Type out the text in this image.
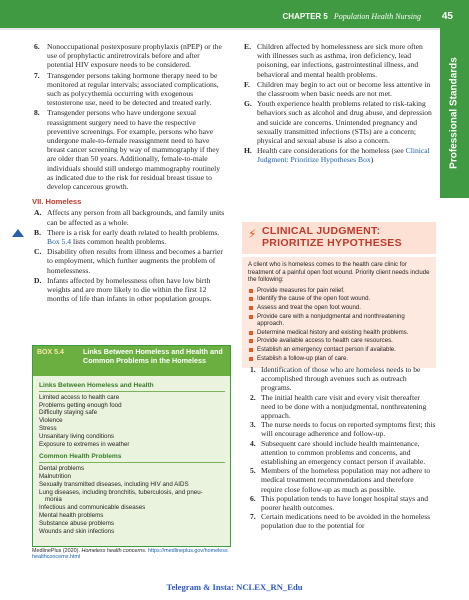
CHAPTER 5 Population Health Nursing 45
Professional Standards
6. Nonoccupational postexposure prophylaxis (nPEP) or the use of prophylactic antiretrovirals before and after potential HIV exposure needs to be considered.
7. Transgender persons taking hormone therapy need to be monitored at regular intervals; associated complications, such as polycythemia occurring with exogenous testosterone use, need to be detected and treated early.
8. Transgender persons who have undergone sexual reassignment surgery need to have the respective preventive screenings. For example, persons who have undergone male-to-female reassignment need to have breast cancer screening by way of mammography if they are older than 50 years. Additionally, female-to-male individuals should still undergo mammography routinely as indicated due to the risk for residual breast tissue to develop cancerous growth.
VII. Homeless
A. Affects any person from all backgrounds, and family units can be affected as a whole.
B. There is a risk for early death related to health problems. Box 5.4 lists common health problems.
C. Disability often results from illness and becomes a barrier to employment, which further augments the problem of homelessness.
D. Infants affected by homelessness often have low birth weights and are more likely to die within the first 12 months of life than infants in other population groups.
BOX 5.4	Links Between Homeless and Health and Common Problems in the Homeless
Links Between Homeless and Health

Limited access to health care

Problems getting enough food

Difficulty staying safe

Violence

Stress

Unsanitary living conditions

Exposure to extremes in weather

Common Health Problems

Dental problems

Malnutrition

Sexually transmitted diseases, including HIV and AIDS

Lung diseases, including bronchitis, tuberculosis, and pneu-

monia

Infectious and communicable diseases

Mental health problems

Substance abuse problems

Wounds and skin infections

MedlinePlus (2020). Homeless health concerns. https://medlineplus.gov/homeless healthconcerns.html
E. Children affected by homelessness are sick more often with illnesses such as asthma, iron deficiency, lead poisoning, ear infections, gastrointestinal illness, and behavioral and mental health problems.
F. Children may begin to act out or become less attentive in the classroom when basic needs are not met.
G. Youth experience health problems related to risk-taking behaviors such as alcohol and drug abuse, and depression and suicide are concerns. Unintended pregnancy and sexually transmitted infections (STIs) are a concern; physical and sexual abuse is also a concern.
H. Health care considerations for the homeless (see Clinical Judgment: Prioritize Hypotheses Box)
⚡ CLINICAL JUDGMENT:
PRIORITIZE HYPOTHESES
A client who is homeless comes to the health care clinic for treatment of a painful open foot wound. Priority client needs include the following:
Provide measures for pain relief.
Identify the cause of the open foot wound.
Assess and treat the open foot wound.
Provide care with a nonjudgmental and nonthreatening approach.
Determine medical history and existing health problems.
Provide available access to health care resources.
Establish an emergency contact person if available.
Establish a follow-up plan of care.
1. Identification of those who are homeless needs to be accomplished through avenues such as outreach programs.
2. The initial health care visit and every visit thereafter need to be done with a nonjudgmental, nonthreatening approach.
3. The nurse needs to focus on reported symptoms first; this will encourage adherence and follow-up.
4. Subsequent care should include health maintenance, attention to common problems and concerns, and establishing an emergency contact person if available.
5. Members of the homeless population may not adhere to medical treatment recommendations and therefore require close follow-up as much as possible.
6. This population tends to have longer hospital stays and poorer health outcomes.
7. Certain medications need to be avoided in the homeless population due to the potential for
Telegram & Insta: NCLEX_RN_Edu
